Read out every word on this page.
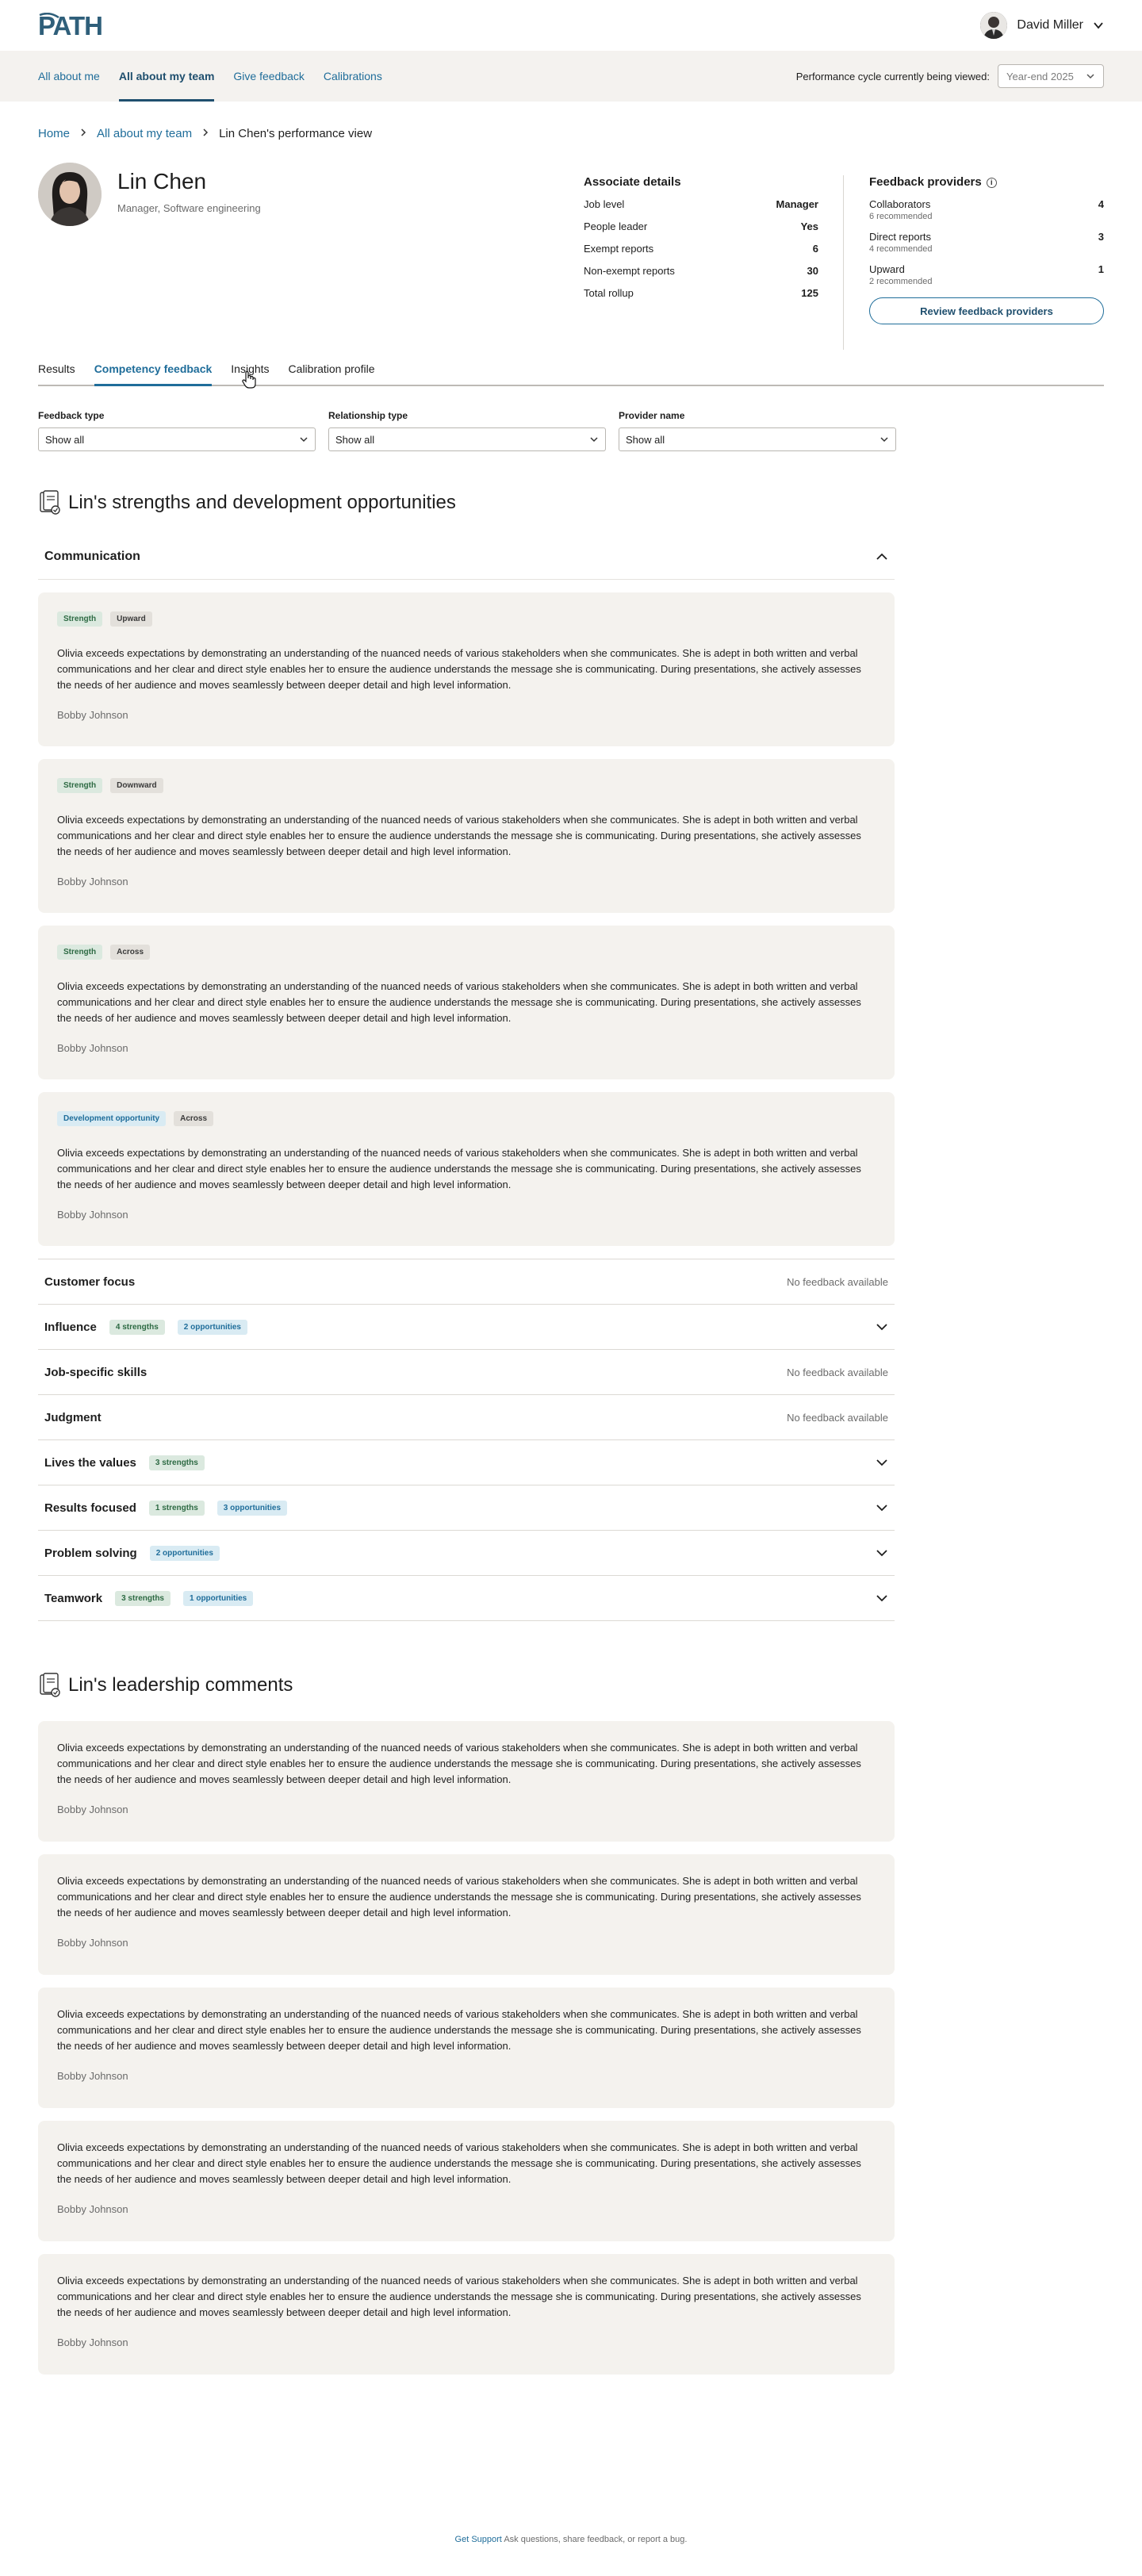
PATH	David Miller
All about me All about my team Give feedback Calibrations	Performance cycle currently being viewed: Year-end 2025
Home All about my team Lin Chen's performance view
Lin Chen
Manager, Software engineering
Associate details
Job level	Manager
People leader	Yes
Exempt reports	6
Non-exempt reports	30
Total rollup	125
Feedback providers i
Collaborators	4
6 recommended
Direct reports	3
4 recommended
Upward	1
2 recommended
Review feedback providers
Results Competency feedback Insights Calibration profile
Feedback type
Show all
Relationship type
Show all
Provider name
Show all
Lin's strengths and development opportunities
Communication
Strength	Upward
Olivia exceeds expectations by demonstrating an understanding of the nuanced needs of various stakeholders when she communicates. She is adept in both written and verbal communications and her clear and direct style enables her to ensure the audience understands the message she is communicating. During presentations, she actively assesses the needs of her audience and moves seamlessly between deeper detail and high level information.
Bobby Johnson
Strength	Downward
Olivia exceeds expectations by demonstrating an understanding of the nuanced needs of various stakeholders when she communicates. She is adept in both written and verbal communications and her clear and direct style enables her to ensure the audience understands the message she is communicating. During presentations, she actively assesses the needs of her audience and moves seamlessly between deeper detail and high level information.
Bobby Johnson
Strength	Across
Olivia exceeds expectations by demonstrating an understanding of the nuanced needs of various stakeholders when she communicates. She is adept in both written and verbal communications and her clear and direct style enables her to ensure the audience understands the message she is communicating. During presentations, she actively assesses the needs of her audience and moves seamlessly between deeper detail and high level information.
Bobby Johnson
Development opportunity	Across
Olivia exceeds expectations by demonstrating an understanding of the nuanced needs of various stakeholders when she communicates. She is adept in both written and verbal communications and her clear and direct style enables her to ensure the audience understands the message she is communicating. During presentations, she actively assesses the needs of her audience and moves seamlessly between deeper detail and high level information.
Bobby Johnson
Customer focus	No feedback available
Influence	4 strengths	2 opportunities
Job-specific skills	No feedback available
Judgment	No feedback available
Lives the values	3 strengths
Results focused	1 strengths	3 opportunities
Problem solving	2 opportunities
Teamwork	3 strengths	1 opportunities
Lin's leadership comments
Olivia exceeds expectations by demonstrating an understanding of the nuanced needs of various stakeholders when she communicates. She is adept in both written and verbal communications and her clear and direct style enables her to ensure the audience understands the message she is communicating. During presentations, she actively assesses the needs of her audience and moves seamlessly between deeper detail and high level information.
Bobby Johnson
Olivia exceeds expectations by demonstrating an understanding of the nuanced needs of various stakeholders when she communicates. She is adept in both written and verbal communications and her clear and direct style enables her to ensure the audience understands the message she is communicating. During presentations, she actively assesses the needs of her audience and moves seamlessly between deeper detail and high level information.
Bobby Johnson
Olivia exceeds expectations by demonstrating an understanding of the nuanced needs of various stakeholders when she communicates. She is adept in both written and verbal communications and her clear and direct style enables her to ensure the audience understands the message she is communicating. During presentations, she actively assesses the needs of her audience and moves seamlessly between deeper detail and high level information.
Bobby Johnson
Olivia exceeds expectations by demonstrating an understanding of the nuanced needs of various stakeholders when she communicates. She is adept in both written and verbal communications and her clear and direct style enables her to ensure the audience understands the message she is communicating. During presentations, she actively assesses the needs of her audience and moves seamlessly between deeper detail and high level information.
Bobby Johnson
Olivia exceeds expectations by demonstrating an understanding of the nuanced needs of various stakeholders when she communicates. She is adept in both written and verbal communications and her clear and direct style enables her to ensure the audience understands the message she is communicating. During presentations, she actively assesses the needs of her audience and moves seamlessly between deeper detail and high level information.
Bobby Johnson
Get Support Ask questions, share feedback, or report a bug.
